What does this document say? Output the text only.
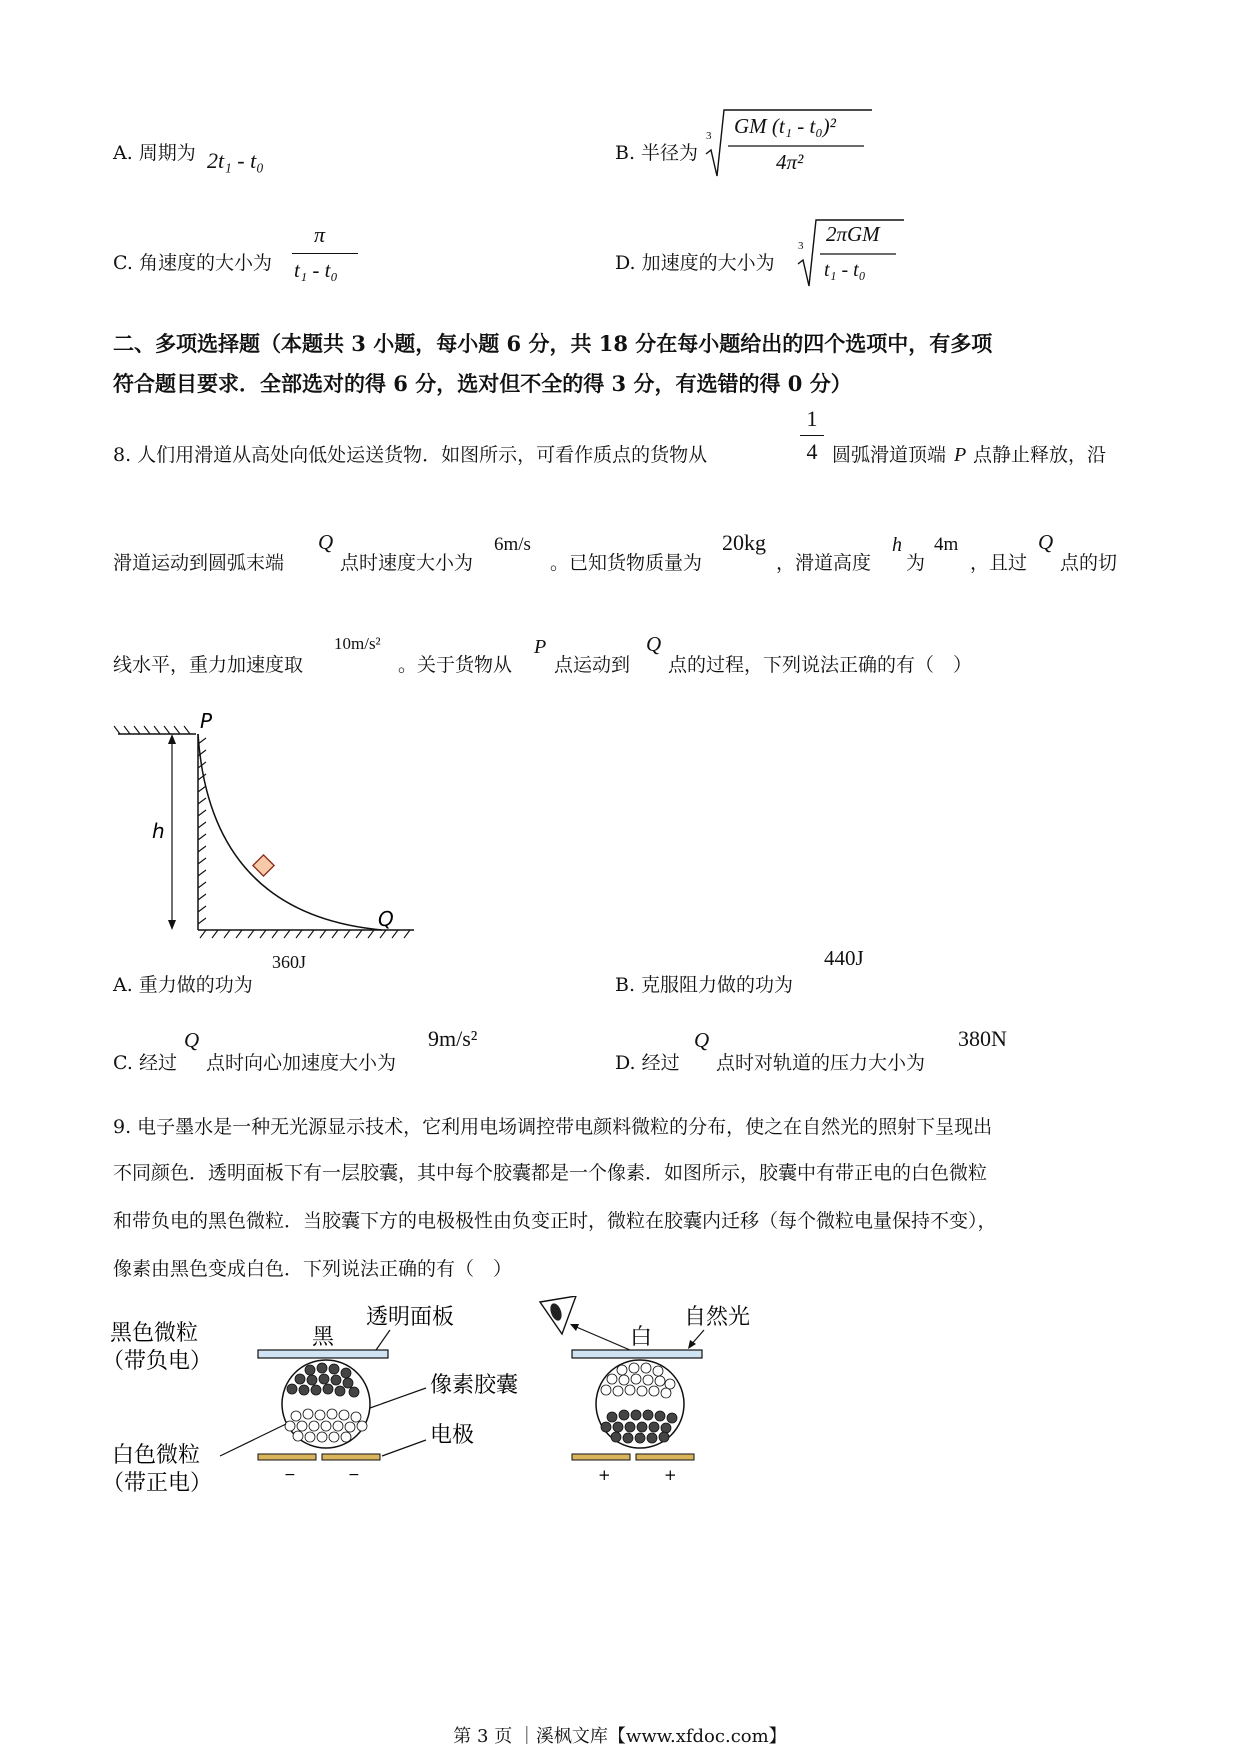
A. 周期为 2t₁ - t₀	B. 半径为
3 GM (t₁ - t₀)²
4π²
C. 角速度的大小为
π
t₁ - t₀	D. 加速度的大小为
3 2πGM
t₁ - t₀
二、多项选择题（本题共 3 小题，每小题 6 分，共 18 分在每小题给出的四个选项中，有多项
符合题目要求．全部选对的得 6 分，选对但不全的得 3 分，有选错的得 0 分）
8. 人们用滑道从高处向低处运送货物．如图所示，可看作质点的货物从
1
4 圆弧滑道顶端 P 点静止释放，沿
滑道运动到圆弧末端
Q
点时速度大小为
6m/s
。已知货物质量为
20kg
，滑道高度
h
为
4m
，且过
Q
点的切
线水平，重力加速度取
10m/s²
。关于货物从
P
点运动到
Q
点的过程，下列说法正确的有（　）
h
P
Q
A. 重力做的功为
360J
B. 克服阻力做的功为
440J
C. 经过
Q
点时向心加速度大小为
9m/s²
D. 经过
Q
点时对轨道的压力大小为
380N
9. 电子墨水是一种无光源显示技术，它利用电场调控带电颜料微粒的分布，使之在自然光的照射下呈现出
不同颜色．透明面板下有一层胶囊，其中每个胶囊都是一个像素．如图所示，胶囊中有带正电的白色微粒
和带负电的黑色微粒．当胶囊下方的电极极性由负变正时，微粒在胶囊内迁移（每个微粒电量保持不变），
像素由黑色变成白色．下列说法正确的有（　）
−	−
黑
透明面板
黑色微粒
（带负电）
像素胶囊
电极
白色微粒
（带正电）	+	+
白
自然光
第 3 页 ｜溪枫文库【www.xfdoc.com】
